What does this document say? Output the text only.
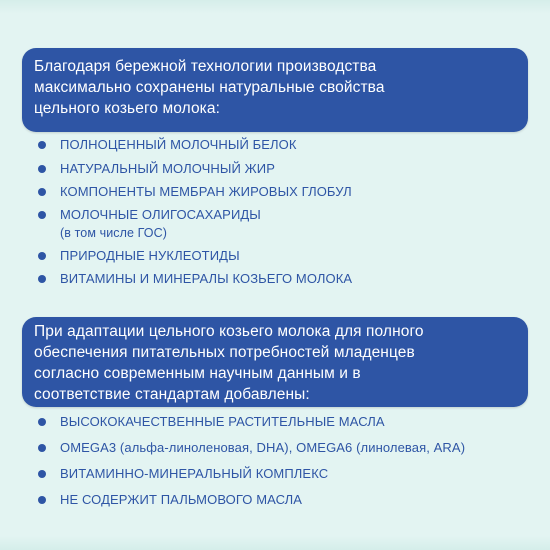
Благодаря бережной технологии производства

максимально сохранены натуральные свойства

цельного козьего молока:

ПОЛНОЦЕННЫЙ МОЛОЧНЫЙ БЕЛОК
НАТУРАЛЬНЫЙ МОЛОЧНЫЙ ЖИР
КОМПОНЕНТЫ МЕМБРАН ЖИРОВЫХ ГЛОБУЛ
МОЛОЧНЫЕ ОЛИГОСАХАРИДЫ
(в том числе ГОС)
ПРИРОДНЫЕ НУКЛЕОТИДЫ
ВИТАМИНЫ И МИНЕРАЛЫ КОЗЬЕГО МОЛОКА

При адаптации цельного козьего молока для полного

обеспечения питательных потребностей младенцев

согласно современным научным данным и в

соответствие стандартам добавлены:

ВЫСОКОКАЧЕСТВЕННЫЕ РАСТИТЕЛЬНЫЕ МАСЛА
OMEGA3 (альфа-линоленовая, DHA), OMEGA6 (линолевая, ARA)
ВИТАМИННО-МИНЕРАЛЬНЫЙ КОМПЛЕКС
НЕ СОДЕРЖИТ ПАЛЬМОВОГО МАСЛА
